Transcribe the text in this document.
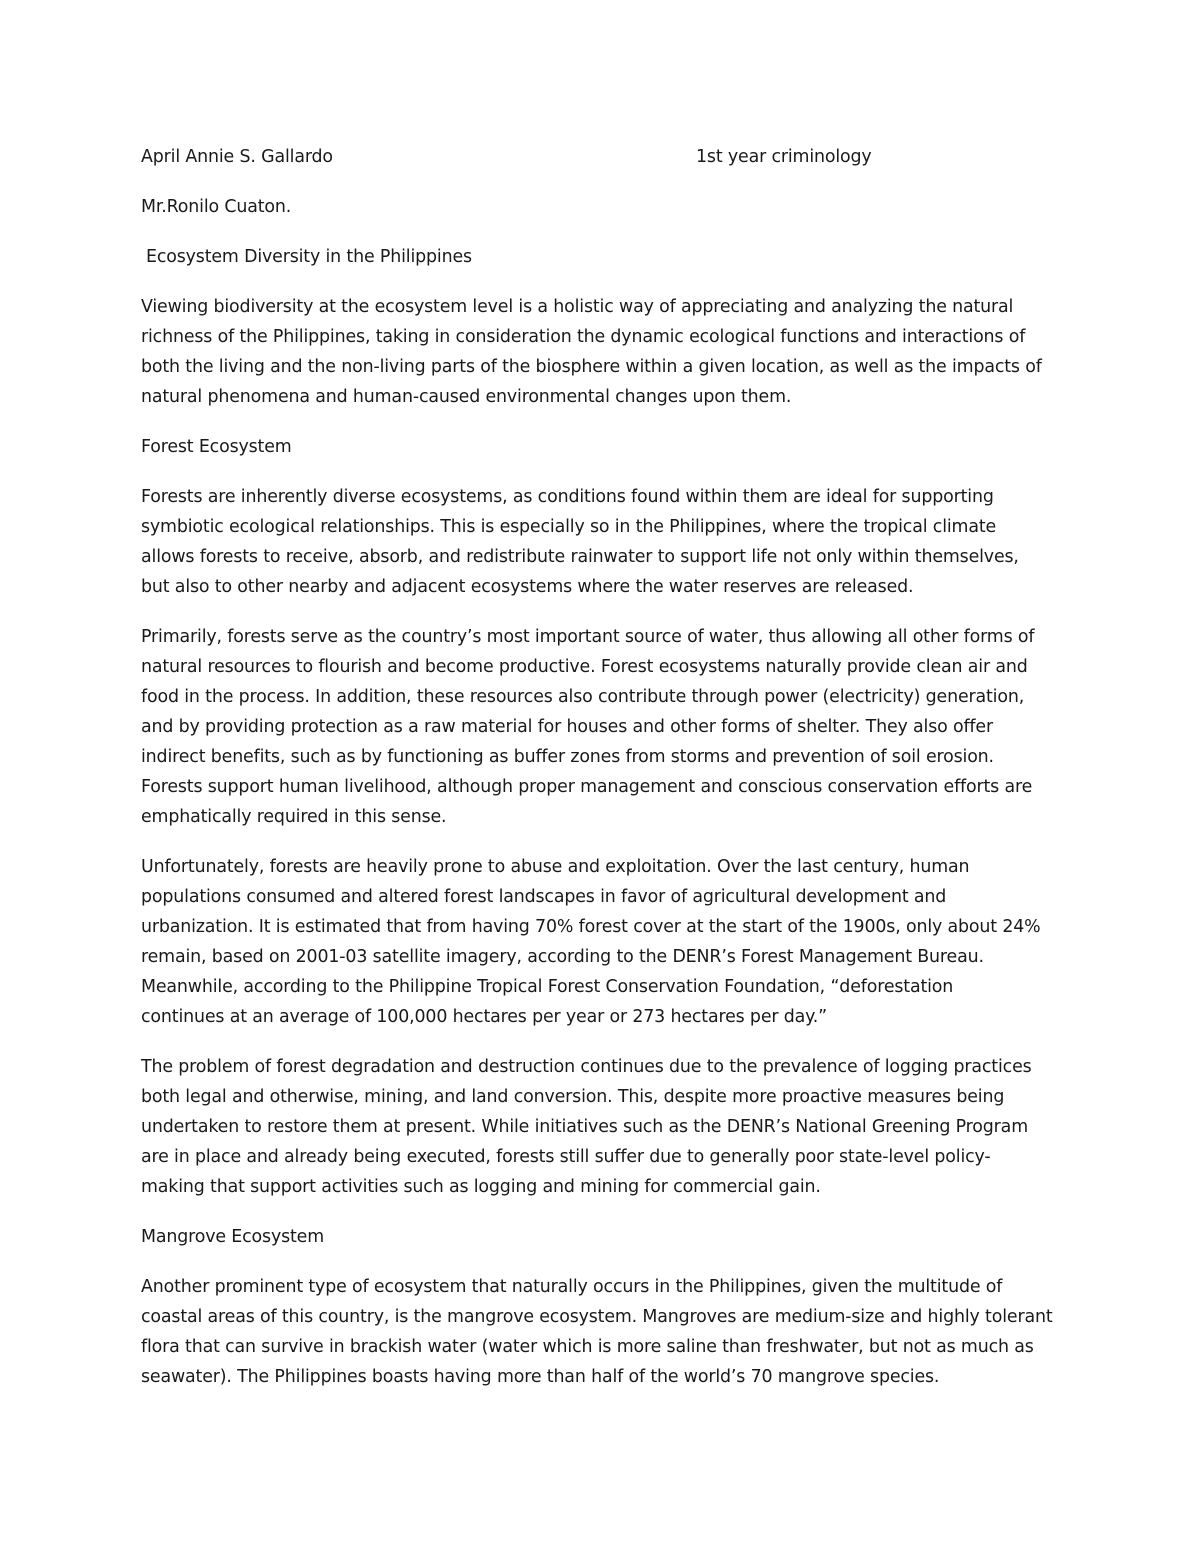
April Annie S. Gallardo	1st year criminology
Mr.Ronilo Cuaton.
Ecosystem Diversity in the Philippines
Viewing biodiversity at the ecosystem level is a holistic way of appreciating and analyzing the natural
richness of the Philippines, taking in consideration the dynamic ecological functions and interactions of
both the living and the non-living parts of the biosphere within a given location, as well as the impacts of
natural phenomena and human-caused environmental changes upon them.
Forest Ecosystem
Forests are inherently diverse ecosystems, as conditions found within them are ideal for supporting
symbiotic ecological relationships. This is especially so in the Philippines, where the tropical climate
allows forests to receive, absorb, and redistribute rainwater to support life not only within themselves,
but also to other nearby and adjacent ecosystems where the water reserves are released.
Primarily, forests serve as the country’s most important source of water, thus allowing all other forms of
natural resources to flourish and become productive. Forest ecosystems naturally provide clean air and
food in the process. In addition, these resources also contribute through power (electricity) generation,
and by providing protection as a raw material for houses and other forms of shelter. They also offer
indirect benefits, such as by functioning as buffer zones from storms and prevention of soil erosion.
Forests support human livelihood, although proper management and conscious conservation efforts are
emphatically required in this sense.
Unfortunately, forests are heavily prone to abuse and exploitation. Over the last century, human
populations consumed and altered forest landscapes in favor of agricultural development and
urbanization. It is estimated that from having 70% forest cover at the start of the 1900s, only about 24%
remain, based on 2001-03 satellite imagery, according to the DENR’s Forest Management Bureau.
Meanwhile, according to the Philippine Tropical Forest Conservation Foundation, “deforestation
continues at an average of 100,000 hectares per year or 273 hectares per day.”
The problem of forest degradation and destruction continues due to the prevalence of logging practices
both legal and otherwise, mining, and land conversion. This, despite more proactive measures being
undertaken to restore them at present. While initiatives such as the DENR’s National Greening Program
are in place and already being executed, forests still suffer due to generally poor state-level policy-
making that support activities such as logging and mining for commercial gain.
Mangrove Ecosystem
Another prominent type of ecosystem that naturally occurs in the Philippines, given the multitude of
coastal areas of this country, is the mangrove ecosystem. Mangroves are medium-size and highly tolerant
flora that can survive in brackish water (water which is more saline than freshwater, but not as much as
seawater). The Philippines boasts having more than half of the world’s 70 mangrove species.
